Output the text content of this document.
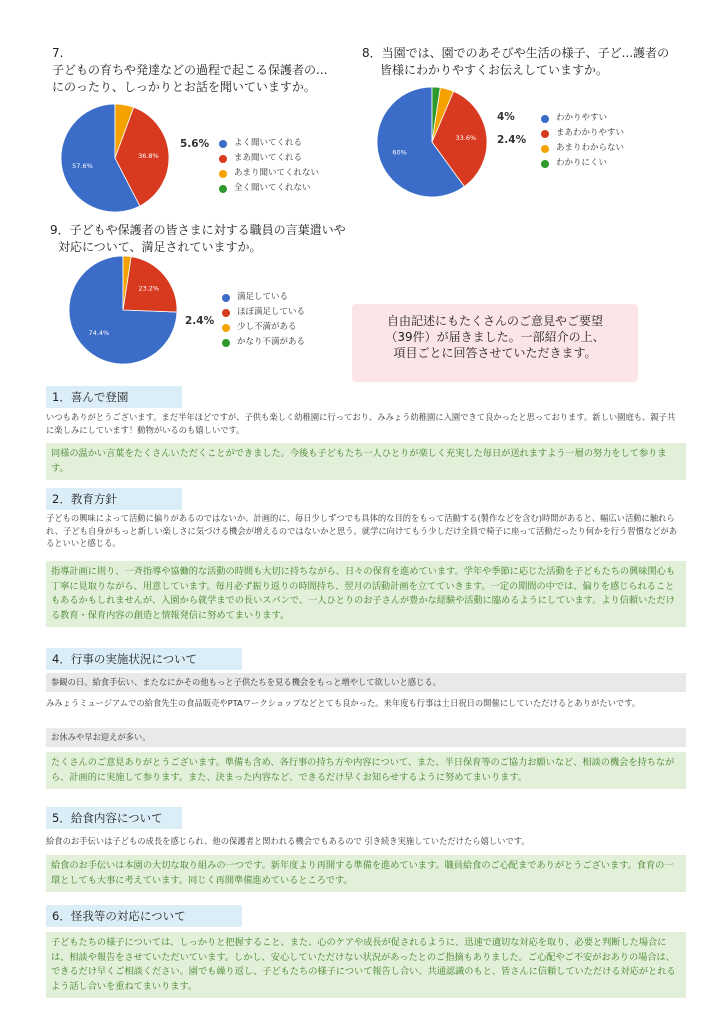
7.
子どもの育ちや発達などの過程で起こる保護者の...
にのったり、しっかりとお話を聞いていますか。
57.6%
36.8%
5.6%	よく聞いてくれる
まあ聞いてくれる
あまり聞いてくれない
全く聞いてくれない
8．当園では、園でのあそびや生活の様子、子ど...護者の
皆様にわかりやすくお伝えしていますか。
60%
33.6%
4%
2.4%
わかりやすい
まあわかりやすい
あまりわからない
わかりにくい
9．子どもや保護者の皆さまに対する職員の言葉遣いや
対応について、満足されていますか。
74.4%
23.2%
2.4%
満足している
ほぼ満足している
少し不満がある
かなり不満がある
自由記述にもたくさんのご意見やご要望
（39件）が届きました。一部紹介の上、
項目ごとに回答させていただきます。
1．喜んで登園
いつもありがとうございます。まだ半年ほどですが、子供も楽しく幼稚園に行っており、みみょう幼稚園に入園できて良かったと思っております。新しい園庭も、親子共に楽しみにしています！動物がいるのも嬉しいです。
同様の温かい言葉をたくさんいただくことができました。今後も子どもたち一人ひとりが楽しく充実した毎日が送れますよう一層の努力をして参ります。
2．教育方針
子どもの興味によって活動に偏りがあるのではないか、計画的に、毎日少しずつでも具体的な目的をもって活動する(製作などを含む)時間があると、幅広い活動に触れられ、子ども自身がもっと新しい楽しさに気づける機会が増えるのではないかと思う。就学に向けてもう少しだけ全員で椅子に座って活動だったり何かを行う習慣などがあるといいと感じる。
指導計画に則り、一斉指導や協働的な活動の時間も大切に持ちながら、日々の保育を進めています。学年や季節に応じた活動を子どもたちの興味関心も丁寧に見取りながら、用意しています。毎月必ず振り返りの時間持ち、翌月の活動計画を立てていきます。一定の期間の中では、偏りを感じられることもあるかもしれませんが、入園から就学までの長いスパンで、一人ひとりのお子さんが豊かな経験や活動に臨めるようにしています。より信頼いただける教育・保育内容の創造と情報発信に努めてまいります。
4．行事の実施状況について
参観の日、給食手伝い、またなにかその他もっと子供たちを見る機会をもっと増やして欲しいと感じる。
みみょうミュージアムでの給食先生の食品販売やPTAワークショップなどとても良かった。来年度も行事は土日祝日の開催にしていただけるとありがたいです。
お休みや早お迎えが多い。
たくさんのご意見ありがとうございます。準備も含め、各行事の持ち方や内容について、また、半日保育等のご協力お願いなど、相談の機会を持ちながら、計画的に実施して参ります。また、決まった内容など、できるだけ早くお知らせするように努めてまいります。
5．給食内容について
給食のお手伝いは子どもの成長を感じられ、他の保護者と関われる機会でもあるので 引き続き実施していただけたら嬉しいです。
給食のお手伝いは本園の大切な取り組みの一つです。新年度より再開する準備を進めています。職員給食のご心配までありがとうございます。食育の一環としても大事に考えています。同じく再開準備進めているところです。
6．怪我等の対応について
子どもたちの様子については、しっかりと把握すること、また、心のケアや成長が促されるように、迅速で適切な対応を取り、必要と判断した場合には、相談や報告をさせていただいています。しかし、安心していただけない状況があったとのご指摘もありました。ご心配やご不安がおありの場合は、できるだけ早くご相談ください。園でも繰り返し、子どもたちの様子について報告し合い、共通認識のもと、皆さんに信頼していただける対応がとれるよう話し合いを重ねてまいります。
